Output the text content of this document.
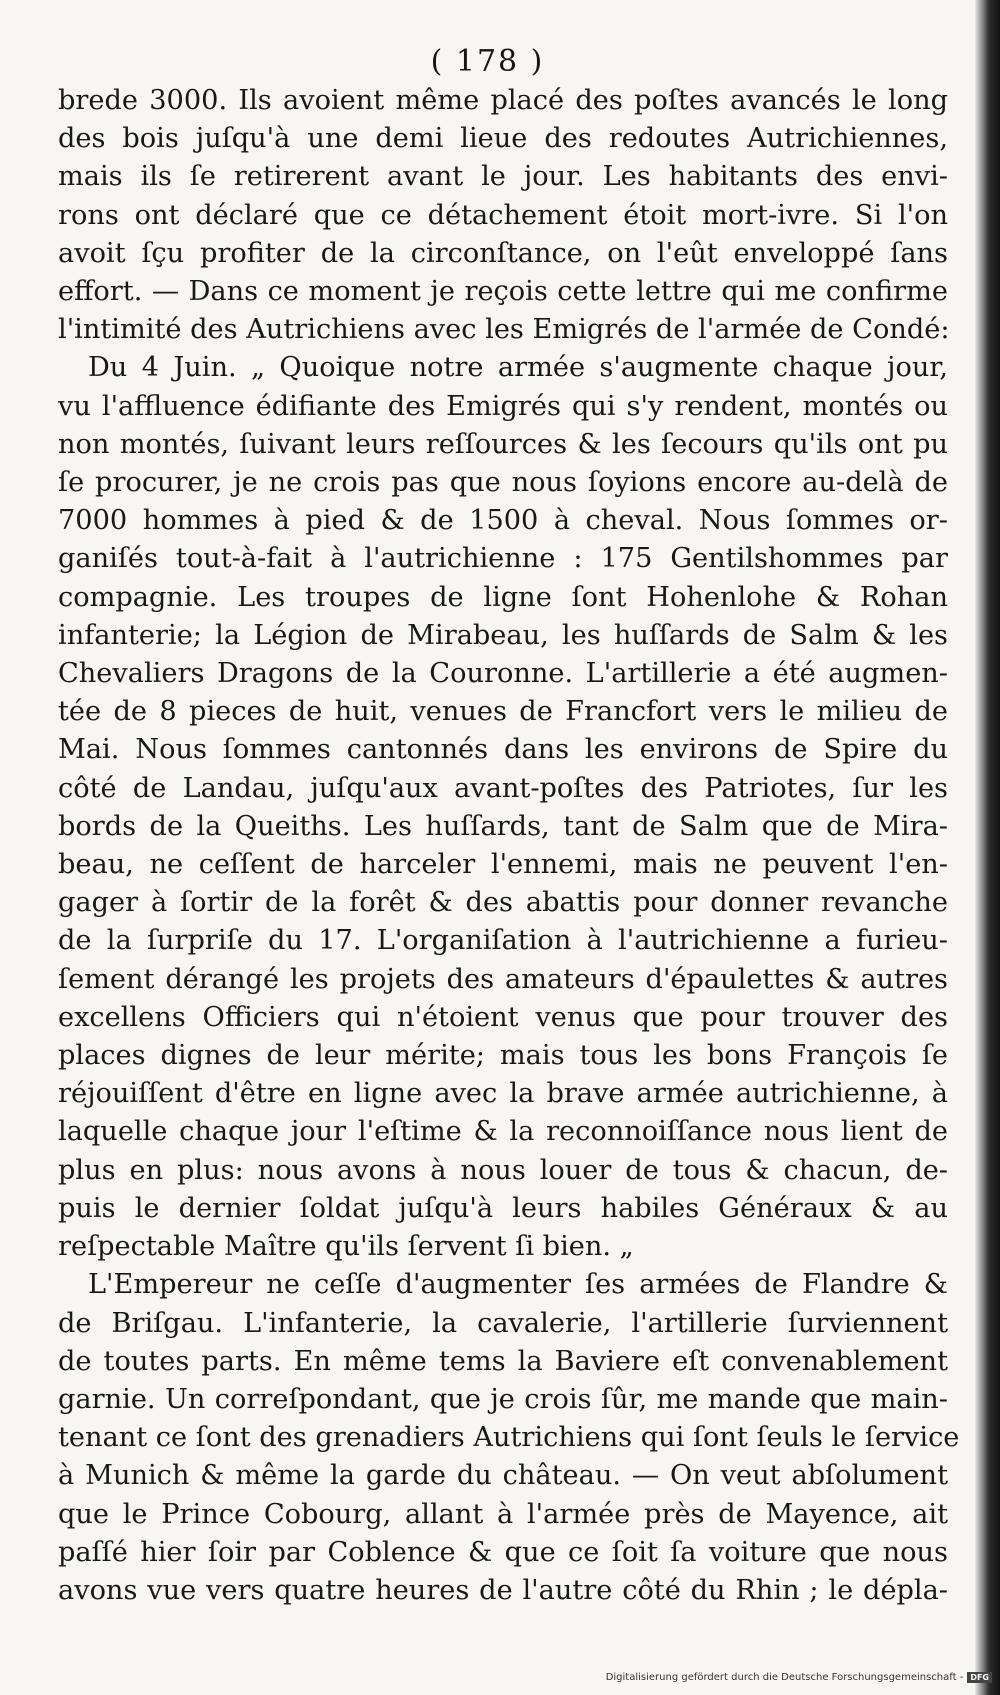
( 178 )
brede 3000. Ils avoient même placé des poſtes avancés le long
des bois juſqu'à une demi lieue des redoutes Autrichiennes,
mais ils ſe retirerent avant le jour. Les habitants des envi-
rons ont déclaré que ce détachement étoit mort-ivre. Si l'on
avoit ſçu profiter de la circonſtance, on l'eût enveloppé ſans
effort. — Dans ce moment je reçois cette lettre qui me confirme
l'intimité des Autrichiens avec les Emigrés de l'armée de Condé:
Du 4 Juin. „ Quoique notre armée s'augmente chaque jour,
vu l'affluence édifiante des Emigrés qui s'y rendent, montés ou
non montés, ſuivant leurs reſſources & les ſecours qu'ils ont pu
ſe procurer, je ne crois pas que nous ſoyions encore au-delà de
7000 hommes à pied & de 1500 à cheval. Nous ſommes or-
ganiſés tout-à-fait à l'autrichienne : 175 Gentilshommes par
compagnie. Les troupes de ligne ſont Hohenlohe & Rohan
infanterie; la Légion de Mirabeau, les huſſards de Salm & les
Chevaliers Dragons de la Couronne. L'artillerie a été augmen-
tée de 8 pieces de huit, venues de Francfort vers le milieu de
Mai. Nous ſommes cantonnés dans les environs de Spire du
côté de Landau, juſqu'aux avant-poſtes des Patriotes, ſur les
bords de la Queiths. Les huſſards, tant de Salm que de Mira-
beau, ne ceſſent de harceler l'ennemi, mais ne peuvent l'en-
gager à ſortir de la forêt & des abattis pour donner revanche
de la ſurpriſe du 17. L'organiſation à l'autrichienne a furieu-
ſement dérangé les projets des amateurs d'épaulettes & autres
excellens Officiers qui n'étoient venus que pour trouver des
places dignes de leur mérite; mais tous les bons François ſe
réjouiſſent d'être en ligne avec la brave armée autrichienne, à
laquelle chaque jour l'eſtime & la reconnoiſſance nous lient de
plus en plus: nous avons à nous louer de tous & chacun, de-
puis le dernier ſoldat juſqu'à leurs habiles Généraux & au
reſpectable Maître qu'ils ſervent ſi bien. „
L'Empereur ne ceſſe d'augmenter ſes armées de Flandre &
de Briſgau. L'infanterie, la cavalerie, l'artillerie ſurviennent
de toutes parts. En même tems la Baviere eſt convenablement
garnie. Un correſpondant, que je crois ſûr, me mande que main-
tenant ce ſont des grenadiers Autrichiens qui ſont ſeuls le ſervice
à Munich & même la garde du château. — On veut abſolument
que le Prince Cobourg, allant à l'armée près de Mayence, ait
paſſé hier ſoir par Coblence & que ce ſoit ſa voiture que nous
avons vue vers quatre heures de l'autre côté du Rhin ; le dépla-
Digitalisierung gefördert durch die Deutsche Forschungsgemeinschaft - DFG
